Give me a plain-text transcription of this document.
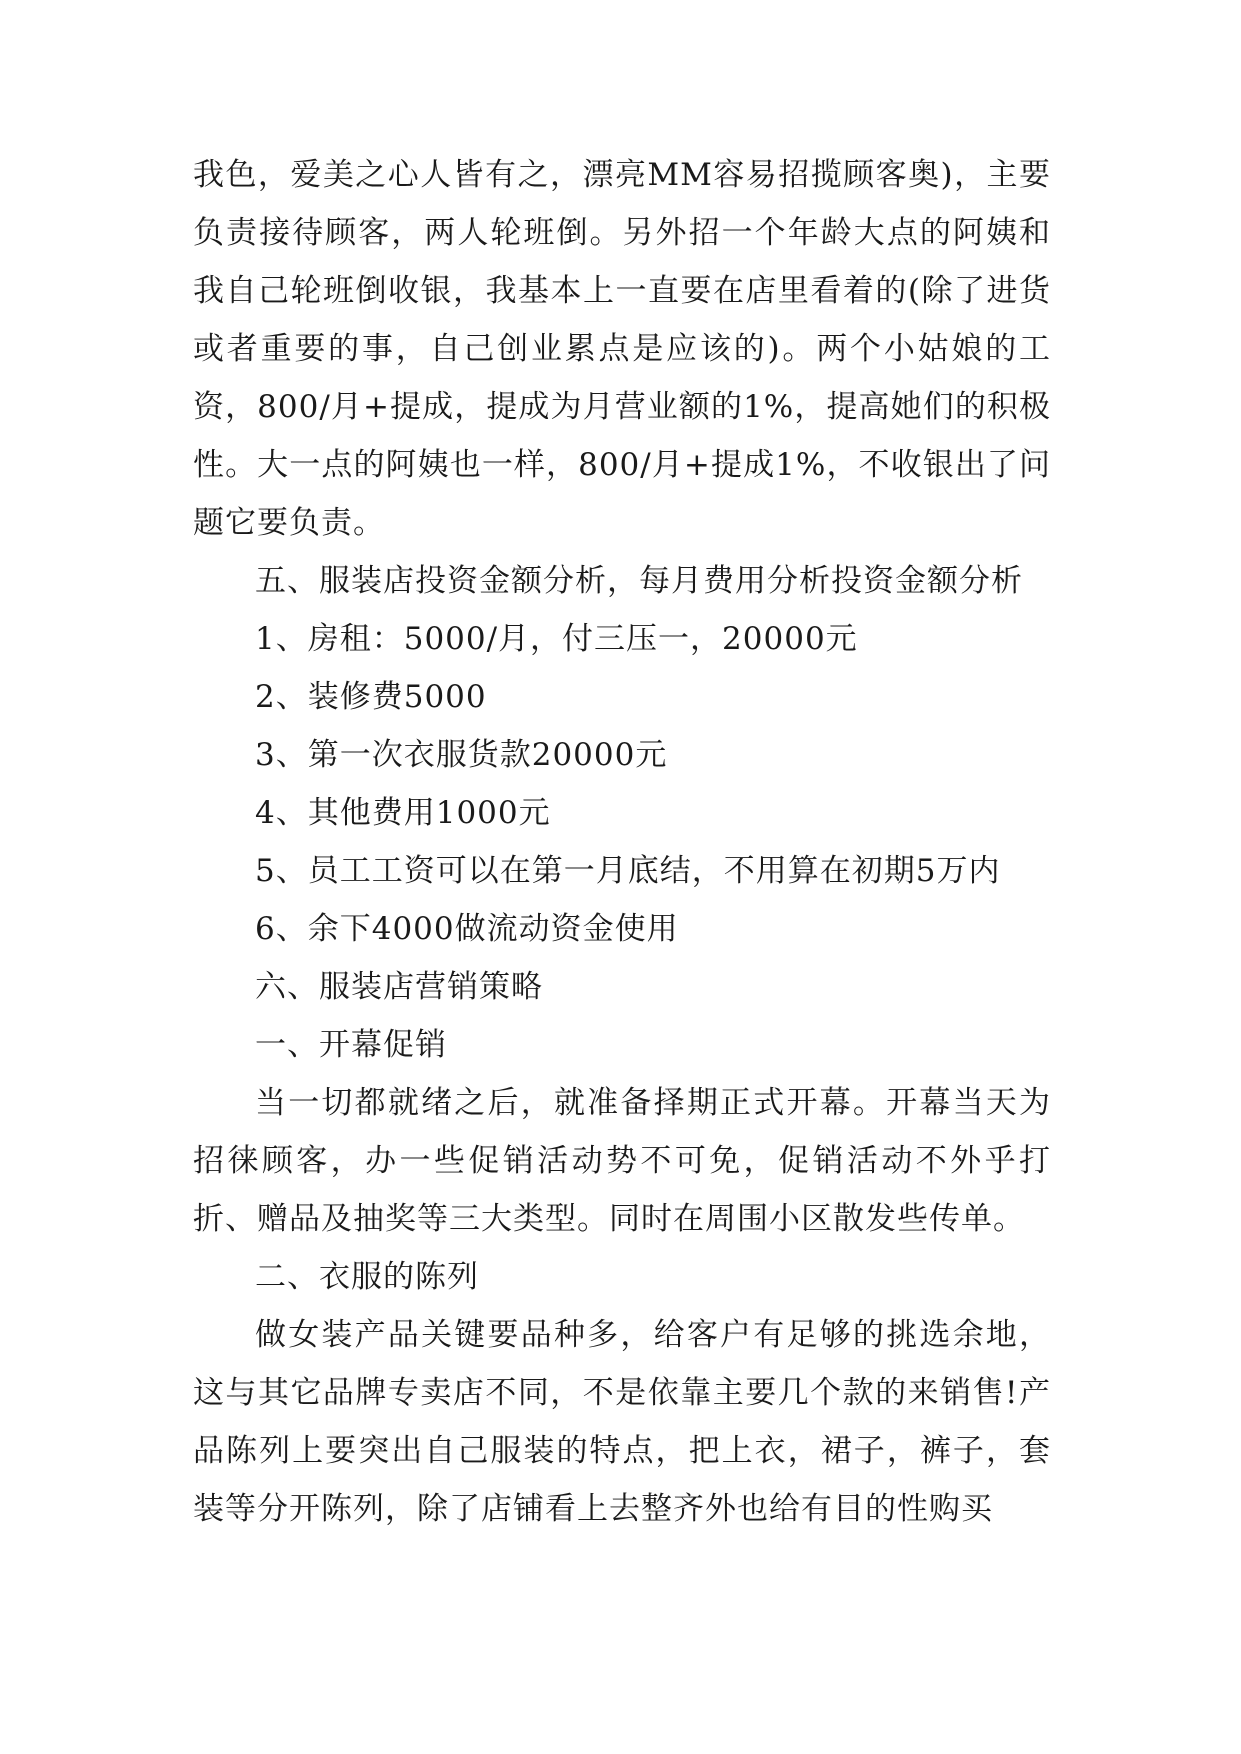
我色，爱美之心人皆有之，漂亮MM容易招揽顾客奥)，主要负责接待顾客，两人轮班倒。另外招一个年龄大点的阿姨和我自己轮班倒收银，我基本上一直要在店里看着的(除了进货或者重要的事，自己创业累点是应该的)。两个小姑娘的工资，800/月+提成，提成为月营业额的1%，提高她们的积极性。大一点的阿姨也一样，800/月+提成1%，不收银出了问题它要负责。

五、服装店投资金额分析，每月费用分析投资金额分析

1、房租：5000/月，付三压一，20000元

2、装修费5000

3、第一次衣服货款20000元

4、其他费用1000元

5、员工工资可以在第一月底结，不用算在初期5万内

6、余下4000做流动资金使用

六、服装店营销策略

一、开幕促销

当一切都就绪之后，就准备择期正式开幕。开幕当天为招徕顾客，办一些促销活动势不可免，促销活动不外乎打折、赠品及抽奖等三大类型。同时在周围小区散发些传单。

二、衣服的陈列

做女装产品关键要品种多，给客户有足够的挑选余地，这与其它品牌专卖店不同，不是依靠主要几个款的来销售!产品陈列上要突出自己服装的特点，把上衣，裙子，裤子，套装等分开陈列，除了店铺看上去整齐外也给有目的性购买
